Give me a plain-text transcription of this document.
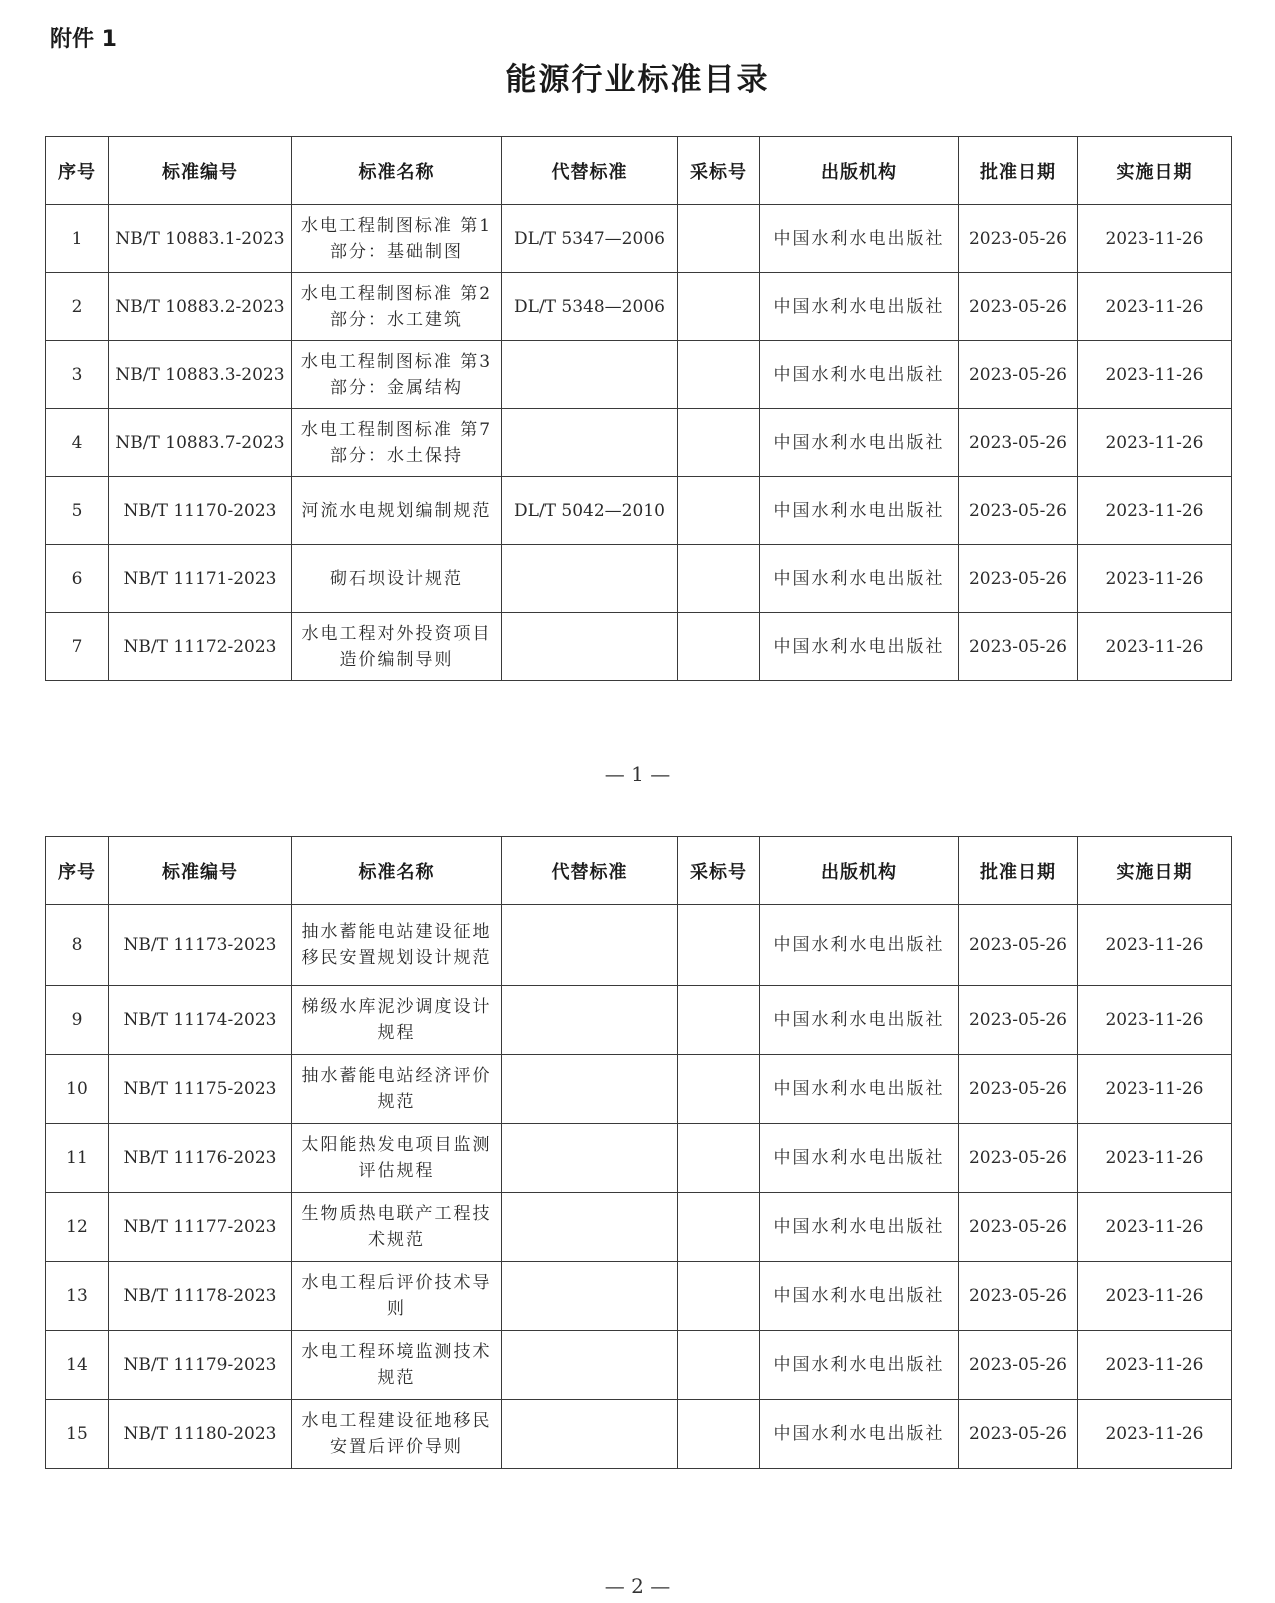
附件 1
能源行业标准目录
序号	标准编号	标准名称	代替标准	采标号	出版机构	批准日期	实施日期
1	NB/T 10883.1-2023	水电工程制图标准 第1部分：基础制图	DL/T 5347—2006		中国水利水电出版社	2023-05-26	2023-11-26
2	NB/T 10883.2-2023	水电工程制图标准 第2部分：水工建筑	DL/T 5348—2006		中国水利水电出版社	2023-05-26	2023-11-26
3	NB/T 10883.3-2023	水电工程制图标准 第3部分：金属结构			中国水利水电出版社	2023-05-26	2023-11-26
4	NB/T 10883.7-2023	水电工程制图标准 第7部分：水土保持			中国水利水电出版社	2023-05-26	2023-11-26
5	NB/T 11170-2023	河流水电规划编制规范	DL/T 5042—2010		中国水利水电出版社	2023-05-26	2023-11-26
6	NB/T 11171-2023	砌石坝设计规范			中国水利水电出版社	2023-05-26	2023-11-26
7	NB/T 11172-2023	水电工程对外投资项目造价编制导则			中国水利水电出版社	2023-05-26	2023-11-26
— 1 —
序号	标准编号	标准名称	代替标准	采标号	出版机构	批准日期	实施日期
8	NB/T 11173-2023	抽水蓄能电站建设征地移民安置规划设计规范			中国水利水电出版社	2023-05-26	2023-11-26
9	NB/T 11174-2023	梯级水库泥沙调度设计规程			中国水利水电出版社	2023-05-26	2023-11-26
10	NB/T 11175-2023	抽水蓄能电站经济评价规范			中国水利水电出版社	2023-05-26	2023-11-26
11	NB/T 11176-2023	太阳能热发电项目监测评估规程			中国水利水电出版社	2023-05-26	2023-11-26
12	NB/T 11177-2023	生物质热电联产工程技术规范			中国水利水电出版社	2023-05-26	2023-11-26
13	NB/T 11178-2023	水电工程后评价技术导则			中国水利水电出版社	2023-05-26	2023-11-26
14	NB/T 11179-2023	水电工程环境监测技术规范			中国水利水电出版社	2023-05-26	2023-11-26
15	NB/T 11180-2023	水电工程建设征地移民安置后评价导则			中国水利水电出版社	2023-05-26	2023-11-26
— 2 —
